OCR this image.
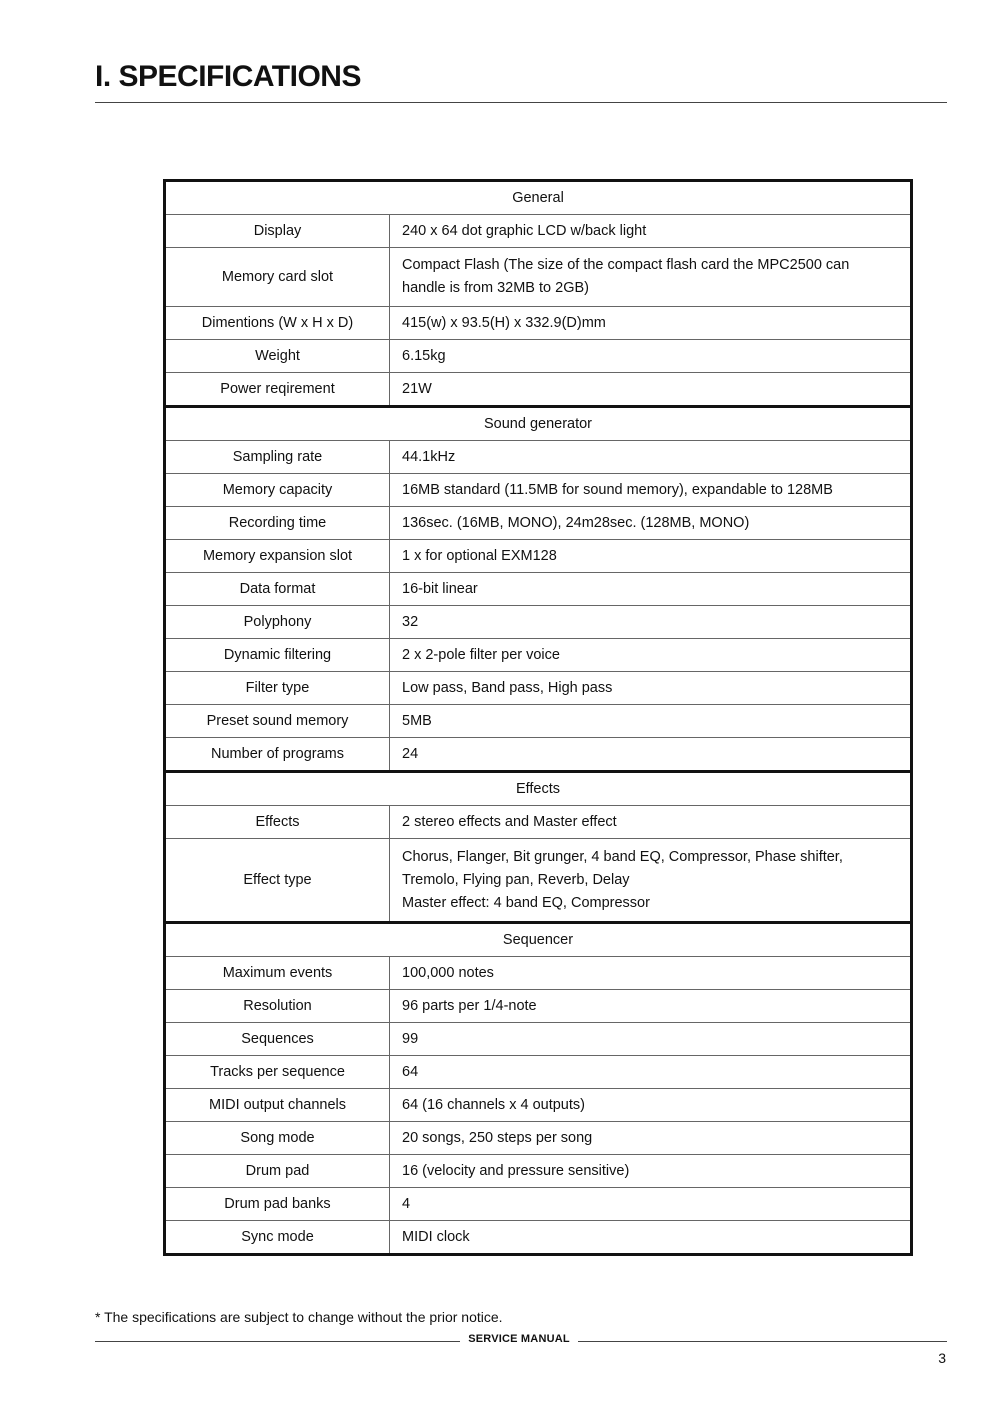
I. SPECIFICATIONS
General	
Display	240 x 64 dot graphic LCD w/back light

Memory card slot	Compact Flash (The size of the compact flash card the MPC2500 can
handle is from 32MB to 2GB)

Dimentions (W x H x D)	415(w) x 93.5(H) x 332.9(D)mm

Weight	6.15kg

Power reqirement	21W

Sound generator	
Sampling rate	44.1kHz

Memory capacity	16MB standard (11.5MB for sound memory), expandable to 128MB

Recording time	136sec. (16MB, MONO), 24m28sec. (128MB, MONO)

Memory expansion slot	1 x for optional EXM128

Data format	16-bit linear

Polyphony	32

Dynamic filtering	2 x 2-pole filter per voice

Filter type	Low pass, Band pass, High pass

Preset sound memory	5MB

Number of programs	24

Effects	
Effects	2 stereo effects and Master effect

Effect type	Chorus, Flanger, Bit grunger, 4 band EQ, Compressor, Phase shifter,
Tremolo, Flying pan, Reverb, Delay
Master effect: 4 band EQ, Compressor

Sequencer	
Maximum events	100,000 notes

Resolution	96 parts per 1/4-note

Sequences	99

Tracks per sequence	64

MIDI output channels	64 (16 channels x 4 outputs)

Song mode	20 songs, 250 steps per song

Drum pad	16 (velocity and pressure sensitive)

Drum pad banks	4

Sync mode	MIDI clock
* The specifications are subject to change without the prior notice.
SERVICE MANUAL
3
